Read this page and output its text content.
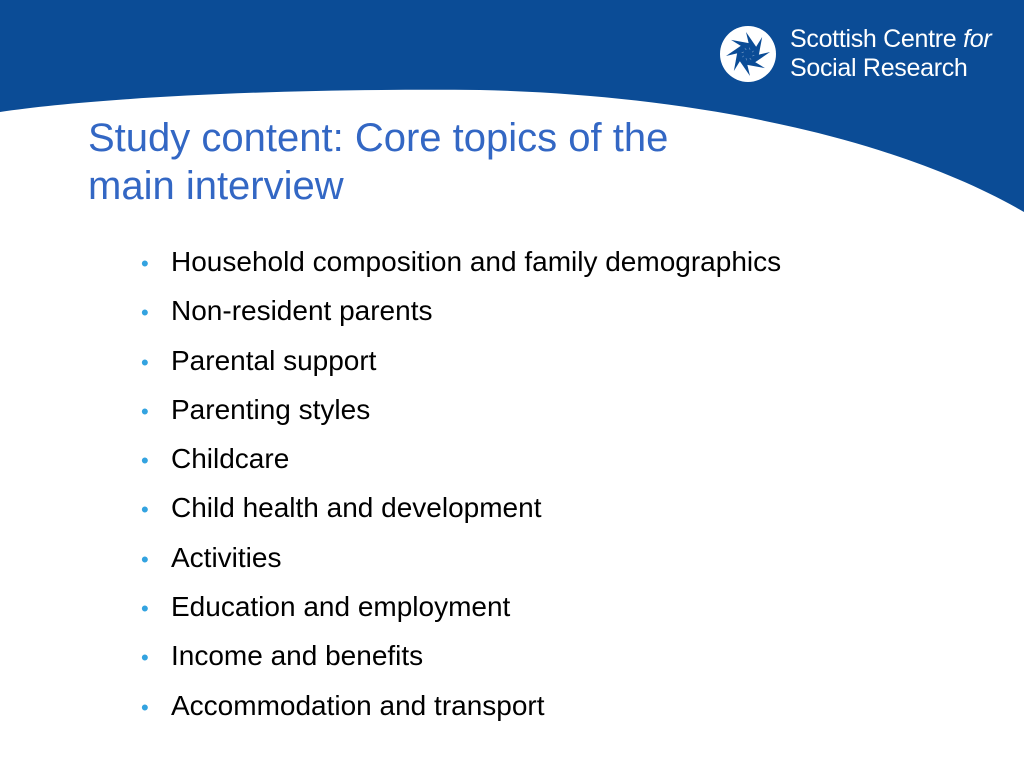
Scottish Centre for
Social Research
Study content: Core topics of the
main interview
• Household composition and family demographics
• Non-resident parents
• Parental support
• Parenting styles
• Childcare
• Child health and development
• Activities
• Education and employment
• Income and benefits
• Accommodation and transport
